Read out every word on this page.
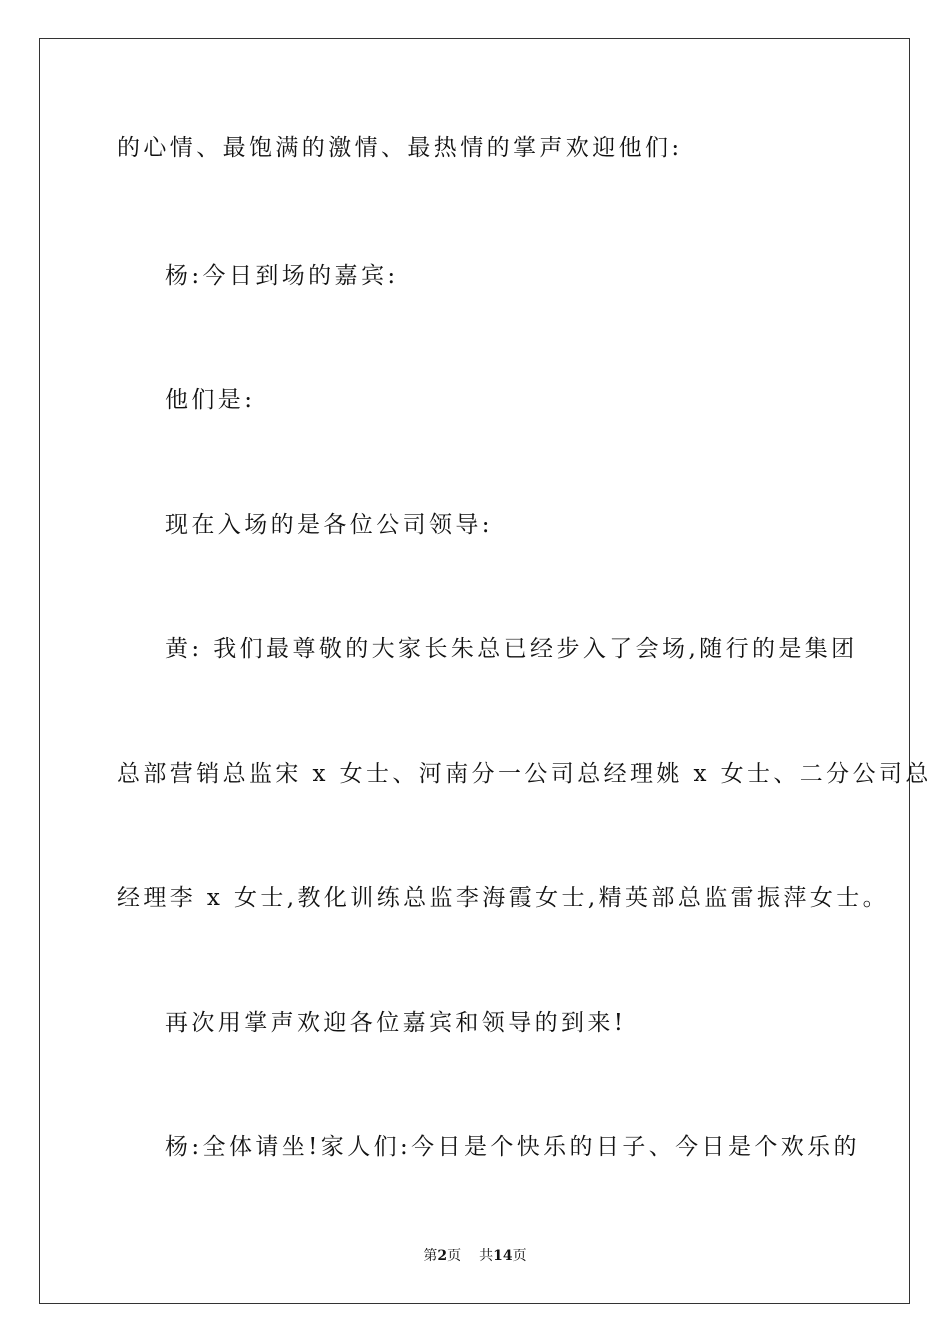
的心情、最饱满的激情、最热情的掌声欢迎他们:

杨:今日到场的嘉宾:

他们是:

现在入场的是各位公司领导:

黄: 我们最尊敬的大家长朱总已经步入了会场,随行的是集团

总部营销总监宋 x 女士、河南分一公司总经理姚 x 女士、二分公司总

经理李 x 女士,教化训练总监李海霞女士,精英部总监雷振萍女士。

再次用掌声欢迎各位嘉宾和领导的到来!

杨:全体请坐!家人们:今日是个快乐的日子、今日是个欢乐的

第2页 共14页
